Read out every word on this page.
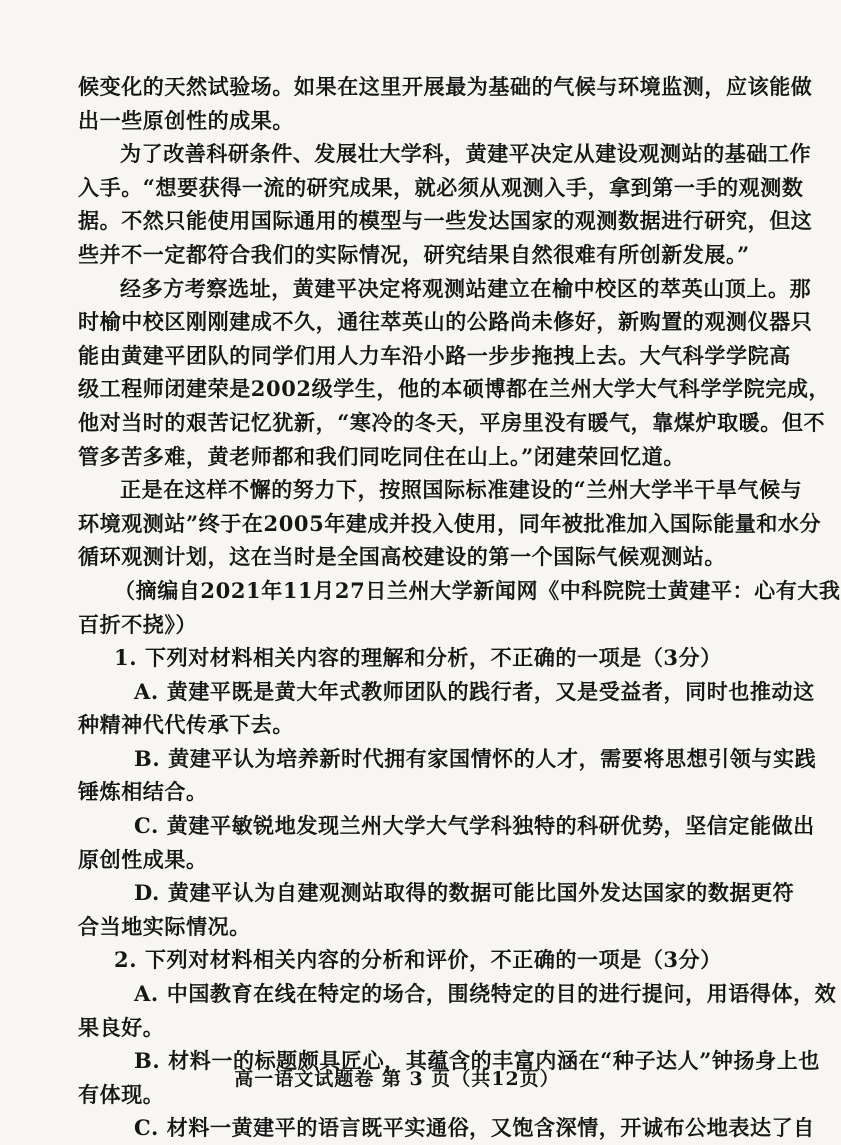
候变化的天然试验场。如果在这里开展最为基础的气候与环境监测，应该能做
出一些原创性的成果。
为了改善科研条件、发展壮大学科，黄建平决定从建设观测站的基础工作
入手。“想要获得一流的研究成果，就必须从观测入手，拿到第一手的观测数
据。不然只能使用国际通用的模型与一些发达国家的观测数据进行研究，但这
些并不一定都符合我们的实际情况，研究结果自然很难有所创新发展。”
经多方考察选址，黄建平决定将观测站建立在榆中校区的萃英山顶上。那
时榆中校区刚刚建成不久，通往萃英山的公路尚未修好，新购置的观测仪器只
能由黄建平团队的同学们用人力车沿小路一步步拖拽上去。大气科学学院高
级工程师闭建荣是2002级学生，他的本硕博都在兰州大学大气科学学院完成，
他对当时的艰苦记忆犹新，“寒冷的冬天，平房里没有暖气，靠煤炉取暖。但不
管多苦多难，黄老师都和我们同吃同住在山上。”闭建荣回忆道。
正是在这样不懈的努力下，按照国际标准建设的“兰州大学半干旱气候与
环境观测站”终于在2005年建成并投入使用，同年被批准加入国际能量和水分
循环观测计划，这在当时是全国高校建设的第一个国际气候观测站。
（摘编自2021年11月27日兰州大学新闻网《中科院院士黄建平：心有大我
百折不挠》）
1. 下列对材料相关内容的理解和分析，不正确的一项是（3分）
A. 黄建平既是黄大年式教师团队的践行者，又是受益者，同时也推动这
种精神代代传承下去。
B. 黄建平认为培养新时代拥有家国情怀的人才，需要将思想引领与实践
锤炼相结合。
C. 黄建平敏锐地发现兰州大学大气学科独特的科研优势，坚信定能做出
原创性成果。
D. 黄建平认为自建观测站取得的数据可能比国外发达国家的数据更符
合当地实际情况。
2. 下列对材料相关内容的分析和评价，不正确的一项是（3分）
A. 中国教育在线在特定的场合，围绕特定的目的进行提问，用语得体，效
果良好。
B. 材料一的标题颇具匠心，其蕴含的丰富内涵在“种子达人”钟扬身上也
有体现。
C. 材料一黄建平的语言既平实通俗，又饱含深情，开诚布公地表达了自
高一语文试题卷 第 3 页（共12页）
